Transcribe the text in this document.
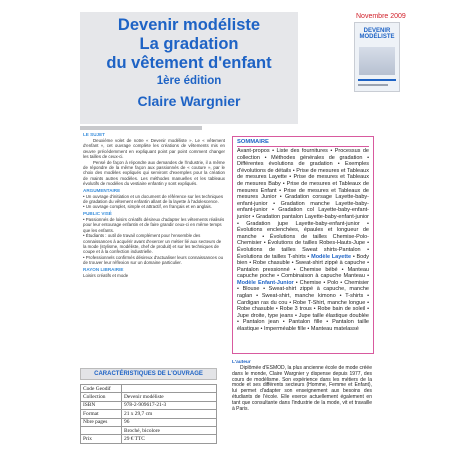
Devenir modéliste
La gradation
du vêtement d'enfant
1ère édition
Claire Wargnier
Novembre 2009
DEVENIR MODÉLISTE
LE SUJET
Deuxième volet de notre « Devenir modéliste ». Le « vêtement d'enfant », cet ouvrage complète les créations de vêtements mis en œuvre précédemment en expliquant point par point comment changer les tailles de ceux-ci.
Pensé de façon à répondre aux demandes de l'industrie, il a même de répondre de la même façon aux passionnés de « couture », par le choix des modèles expliqués qui serviront d'exemples pour la création de maints autres modèles. Les méthodes manuelles et les tableaux évolutifs de modèles du vestiaire enfantin y sont expliqués.
ARGUMENTAIRE
• Un ouvrage d'initiation et un document de référence sur les techniques de gradation du vêtement enfantin allant de la layette à l'adolescence.
• Un ouvrage complet, simple et attractif, en français et en anglais.
PUBLIC VISÉ
• Passionnés de loisirs créatifs désireux d'adapter les vêtements réalisés pour leur entourage enfantin et de faire grandir ceux-ci en même temps que les enfants.
• Étudiants : outil de travail complément pour l'ensemble des connaissances à acquérir avant d'exercer un métier lié aux secteurs de la mode (stylisme, modéliste, chef de produit) et sur les techniques de coupe et à la confection industrielle.
• Professionnels confirmés désireux d'actualiser leurs connaissances ou de trouver leur réflexion sur un domaine particulier.
RAYON LIBRAIRIE
Loisirs créatifs et mode
SOMMAIRE
Avant-propos • Liste des fournitures • Processus de collection • Méthodes générales de gradation • Différentes évolutions de gradation • Exemples d'évolutions de détails • Prise de mesures et Tableaux de mesures Layette • Prise de mesures et Tableaux de mesures Baby • Prise de mesures et Tableaux de mesures Enfant • Prise de mesures et Tableaux de mesures Junior • Gradation corsage Layette-baby-enfant-junior • Gradation manche Layette-baby-enfant-junior • Gradation col Layette-baby-enfant-junior • Gradation pantalon Layette-baby-enfant-junior • Gradation jupe Layette-baby-enfant-junior • Évolutions enclenchées, épaules et longueur de manche • Évolutions de tailles Chemise-Polo-Chemisier • Évolutions de tailles Robes-Hauts-Jupe • Évolutions de tailles Sweat shirts-Pantalon • Évolutions de tailles T-shirts • Modèle Layette • Body bien • Robe chasuble • Sweat-shirt zippé à capuche • Pantalon pressionné • Chemise bébé • Manteau capuche poche • Combinaison à capuche Manteau • Modèle Enfant-Junior • Chemise • Polo • Chemisier • Blouse • Sweat-shirt zippé à capuche, manche raglan • Sweat-shirt, manche kimono • T-shirts • Cardigan ras du cou • Robe T-Shirt, manche longue • Robe chasuble • Robe 3 trous • Robe bain de soleil • Jupe droite, type jeans • Jupe taille élastique doublée • Pantalon jean • Pantalon fille • Pantalon taille élastique • Imperméable fille • Manteau matelassé
CARACTÉRISTIQUES DE L'OUVRAGE
Code Geodif	
Collection	Devenir modéliste
ISBN	978-2-909617-21-3
Format	21 x 29,7 cm
Nbre pages	96
	Broché, bicolore
Prix	29 € TTC
L'auteur
Diplômée d'ESMOD, la plus ancienne école de mode créée dans le monde, Claire Wargnier y dispense depuis 1977, des cours de modélisme. Son expérience dans les métiers de la mode et ses différents secteurs (Homme, Femme et Enfant), lui permet d'adapter son enseignement aux besoins des étudiants de l'école. Elle exerce actuellement également en tant que consultante dans l'industrie de la mode, vit et travaille à Paris.
